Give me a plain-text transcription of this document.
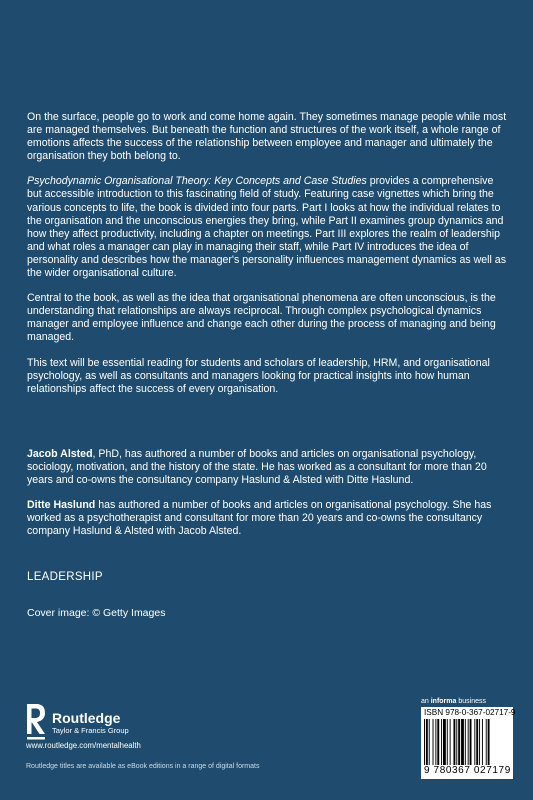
On the surface, people go to work and come home again. They sometimes manage people while most are managed themselves. But beneath the function and structures of the work itself, a whole range of emotions affects the success of the relationship between employee and manager and ultimately the organisation they both belong to.

Psychodynamic Organisational Theory: Key Concepts and Case Studies provides a comprehensive but accessible introduction to this fascinating field of study. Featuring case vignettes which bring the various concepts to life, the book is divided into four parts. Part I looks at how the individual relates to the organisation and the unconscious energies they bring, while Part II examines group dynamics and how they affect productivity, including a chapter on meetings. Part III explores the realm of leadership and what roles a manager can play in managing their staff, while Part IV introduces the idea of personality and describes how the manager's personality influences management dynamics as well as the wider organisational culture.

Central to the book, as well as the idea that organisational phenomena are often unconscious, is the understanding that relationships are always reciprocal. Through complex psychological dynamics manager and employee influence and change each other during the process of managing and being managed.

This text will be essential reading for students and scholars of leadership, HRM, and organisational psychology, as well as consultants and managers looking for practical insights into how human relationships affect the success of every organisation.

Jacob Alsted, PhD, has authored a number of books and articles on organisational psychology, sociology, motivation, and the history of the state. He has worked as a consultant for more than 20 years and co-owns the consultancy company Haslund & Alsted with Ditte Haslund.

Ditte Haslund has authored a number of books and articles on organisational psychology. She has worked as a psychotherapist and consultant for more than 20 years and co-owns the consultancy company Haslund & Alsted with Jacob Alsted.

LEADERSHIP
Cover image: © Getty Images
Routledge
Taylor & Francis Group
www.routledge.com/mentalhealth
Routledge titles are available as eBook editions in a range of digital formats
an informa business
ISBN 978-0-367-02717-9
9 780367 027179
